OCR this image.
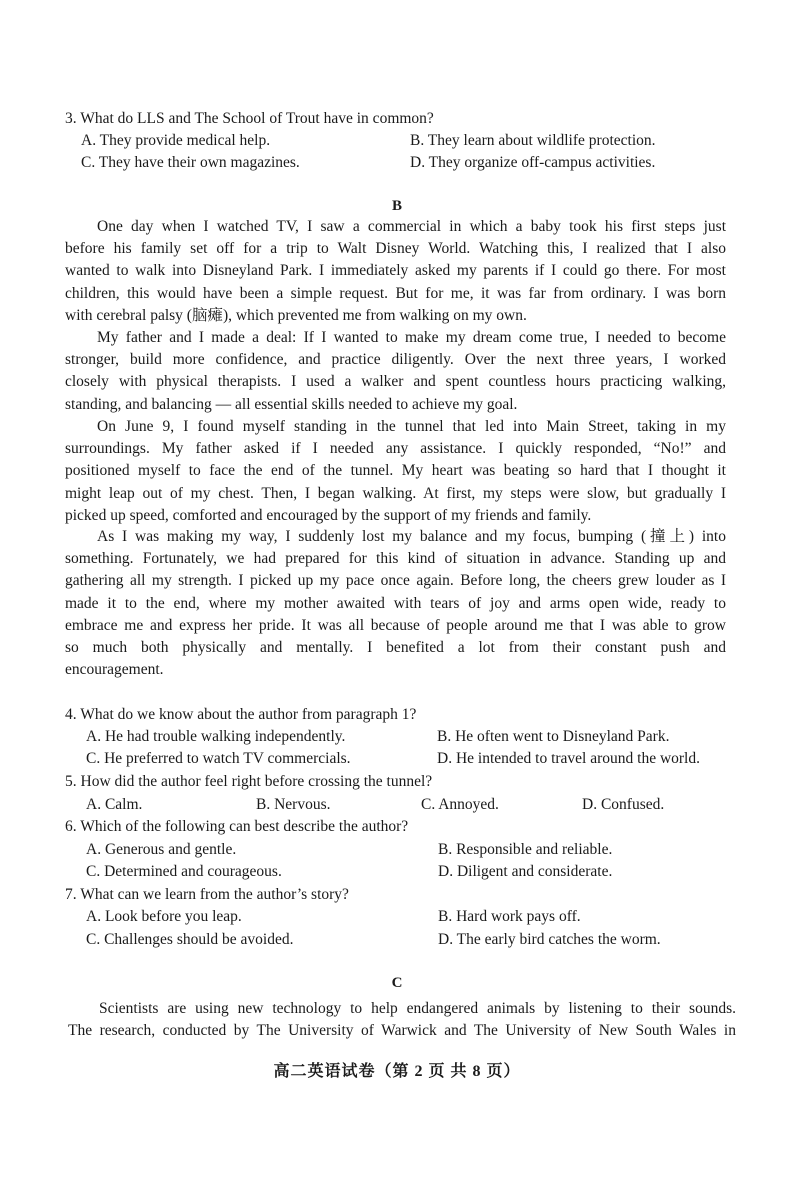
3. What do LLS and The School of Trout have in common?
A. They provide medical help.	B. They learn about wildlife protection.
C. They have their own magazines.	D. They organize off-campus activities.
B
One day when I watched TV, I saw a commercial in which a baby took his first steps just
before his family set off for a trip to Walt Disney World. Watching this, I realized that I also
wanted to walk into Disneyland Park. I immediately asked my parents if I could go there. For most
children, this would have been a simple request. But for me, it was far from ordinary. I was born
with cerebral palsy (脑瘫), which prevented me from walking on my own.
My father and I made a deal: If I wanted to make my dream come true, I needed to become
stronger, build more confidence, and practice diligently. Over the next three years, I worked
closely with physical therapists. I used a walker and spent countless hours practicing walking,
standing, and balancing — all essential skills needed to achieve my goal.
On June 9, I found myself standing in the tunnel that led into Main Street, taking in my
surroundings. My father asked if I needed any assistance. I quickly responded, “No!” and
positioned myself to face the end of the tunnel. My heart was beating so hard that I thought it
might leap out of my chest. Then, I began walking. At first, my steps were slow, but gradually I
picked up speed, comforted and encouraged by the support of my friends and family.
As I was making my way, I suddenly lost my balance and my focus, bumping (撞上) into
something. Fortunately, we had prepared for this kind of situation in advance. Standing up and
gathering all my strength. I picked up my pace once again. Before long, the cheers grew louder as I
made it to the end, where my mother awaited with tears of joy and arms open wide, ready to
embrace me and express her pride. It was all because of people around me that I was able to grow
so much both physically and mentally. I benefited a lot from their constant push and
encouragement.
4. What do we know about the author from paragraph 1?
A. He had trouble walking independently.	B. He often went to Disneyland Park.
C. He preferred to watch TV commercials.	D. He intended to travel around the world.
5. How did the author feel right before crossing the tunnel?
A. Calm.	B. Nervous.	C. Annoyed.	D. Confused.
6. Which of the following can best describe the author?
A. Generous and gentle.	B. Responsible and reliable.
C. Determined and courageous.	D. Diligent and considerate.
7. What can we learn from the author’s story?
A. Look before you leap.	B. Hard work pays off.
C. Challenges should be avoided.	D. The early bird catches the worm.
C
Scientists are using new technology to help endangered animals by listening to their sounds.
The research, conducted by The University of Warwick and The University of New South Wales in
高二英语试卷（第 2 页 共 8 页）
